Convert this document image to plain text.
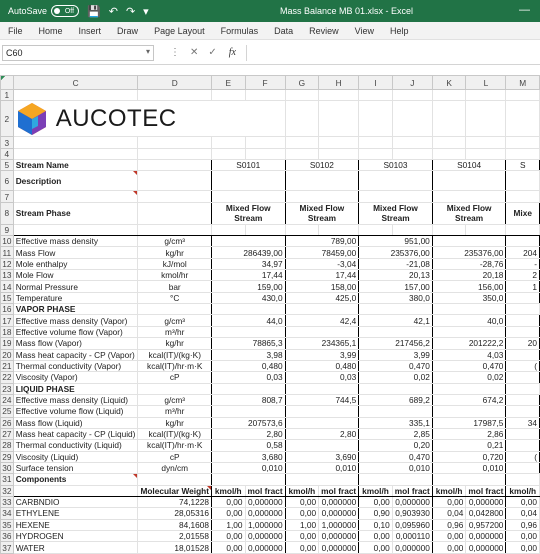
AutoSave	Off 💾 ↶ ↷ ▾	Mass Balance MB 01.xlsx - Excel	—
File	Home	Insert	Draw	Page Layout	Formulas	Data	Review	View	Help
C60	▾ ⋮ ✕ ✓ fx
	C	D	E	F	G	H	I	J	K	L	M
1											
2	AUCOTEC										

3											
4											
5	Stream Name		S0101		S0102		S0103		S0104		S
6	Description										
7											
8	Stream Phase		Mixed Flow Stream		Mixed Flow Stream		Mixed Flow Stream		Mixed Flow Stream		Mixe
9											
10	Effective mass density	g/cm³			789,00		951,00				
11	Mass Flow	kg/hr	286439,00		78459,00		235376,00		235376,00		204
12	Mole enthalpy	kJ/mol	34,97		-3,04		-21,08		-28,76		-
13	Mole Flow	kmol/hr	17,44		17,44		20,13		20,18		2
14	Normal Pressure	bar	159,00		158,00		157,00		156,00		1
15	Temperature	°C	430,0		425,0		380,0		350,0		
16	VAPOR PHASE										
17	Effective mass density (Vapor)	g/cm³	44,0		42,4		42,1		40,0		
18	Effective volume flow (Vapor)	m³/hr									
19	Mass flow (Vapor)	kg/hr	78865,3		234365,1		217456,2		201222,2		20
20	Mass heat capacity - CP (Vapor)	kcal(IT)/(kg·K)	3,98		3,99		3,99		4,03		
21	Thermal conductivity (Vapor)	kcal(IT)/hr·m·K	0,480		0,480		0,470		0,470		(
22	Viscosity (Vapor)	cP	0,03		0,03		0,02		0,02		
23	LIQUID PHASE										
24	Effective mass density (Liquid)	g/cm³	808,7		744,5		689,2		674,2		
25	Effective volume flow (Liquid)	m³/hr									
26	Mass flow (Liquid)	kg/hr	207573,6				335,1		17987,5		34
27	Mass heat capacity - CP (Liquid)	kcal(IT)/(kg·K)	2,80		2,80		2,85		2,86		
28	Thermal conductivity (Liquid)	kcal(IT)/hr·m·K	0,58				0,20		0,21		
29	Viscosity (Liquid)	cP	3,680		3,690		0,470		0,720		(
30	Surface tension	dyn/cm	0,010		0,010		0,010		0,010		
31	Components										
32		Molecular Weight	kmol/h	mol fract	kmol/h	mol fract	kmol/h	mol fract	kmol/h	mol fract	kmol/h
33	CARBNDIO	74,1228	0,00	0,000000	0,00	0,000000	0,00	0,000000	0,00	0,000000	0,00
34	ETHYLENE	28,05316	0,00	0,000000	0,00	0,000000	0,90	0,903930	0,04	0,042800	0,04
35	HEXENE	84,1608	1,00	1,000000	1,00	1,000000	0,10	0,095960	0,96	0,957200	0,96
36	HYDROGEN	2,01558	0,00	0,000000	0,00	0,000000	0,00	0,000110	0,00	0,000000	0,00
37	WATER	18,01528	0,00	0,000000	0,00	0,000000	0,00	0,000000	0,00	0,000000	0,00
